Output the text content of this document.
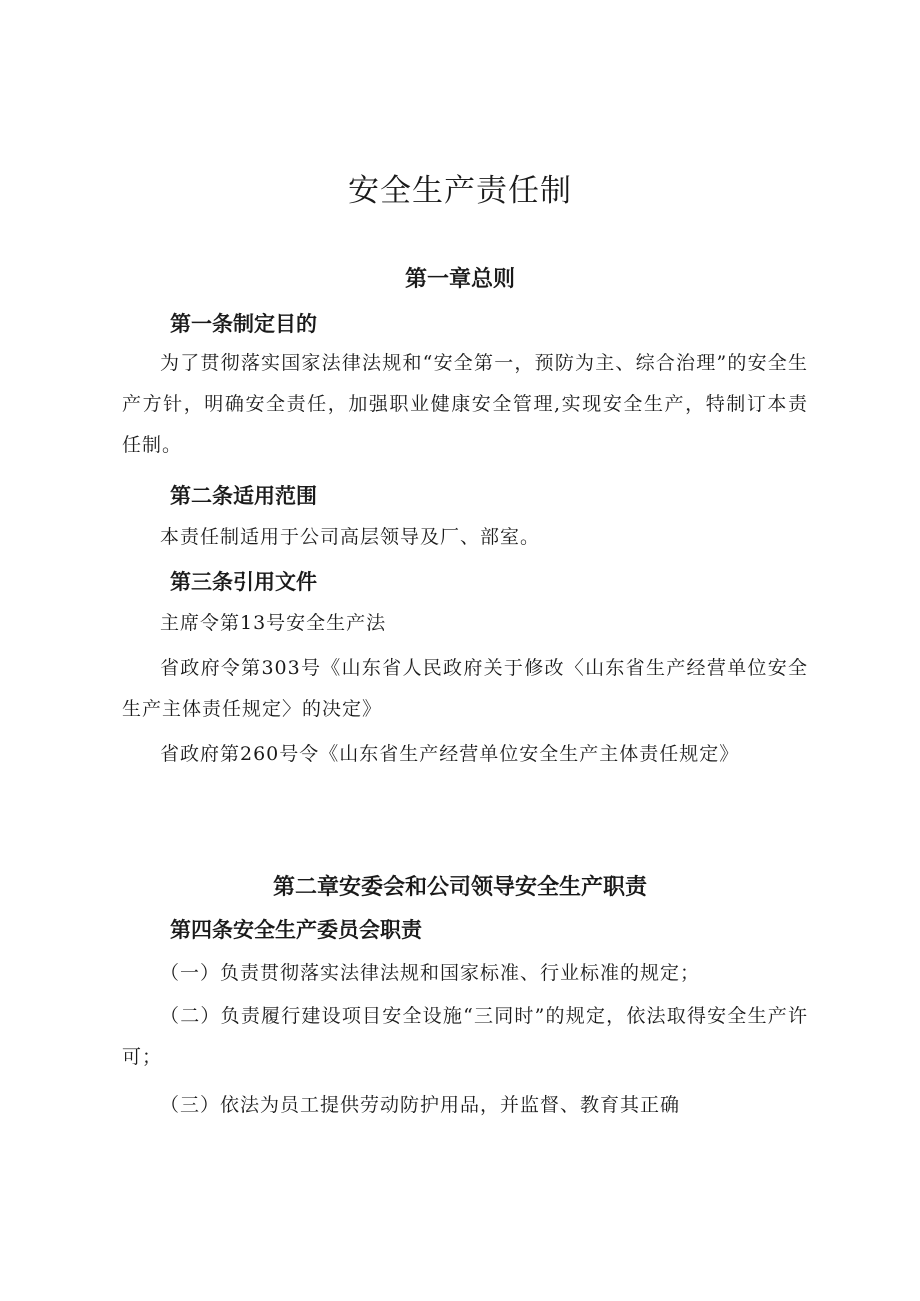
安全生产责任制
第一章总则
第一条制定目的
为了贯彻落实国家法律法规和“安全第一，预防为主、综合治理”的安全生产方针，明确安全责任，加强职业健康安全管理,实现安全生产，特制订本责任制。
第二条适用范围
本责任制适用于公司高层领导及厂、部室。
第三条引用文件
主席令第13号安全生产法
省政府令第303号《山东省人民政府关于修改〈山东省生产经营单位安全生产主体责任规定〉的决定》
省政府第260号令《山东省生产经营单位安全生产主体责任规定》
第二章安委会和公司领导安全生产职责
第四条安全生产委员会职责
（一）负责贯彻落实法律法规和国家标准、行业标准的规定；
（二）负责履行建设项目安全设施“三同时”的规定，依法取得安全生产许可；
（三）依法为员工提供劳动防护用品，并监督、教育其正确
